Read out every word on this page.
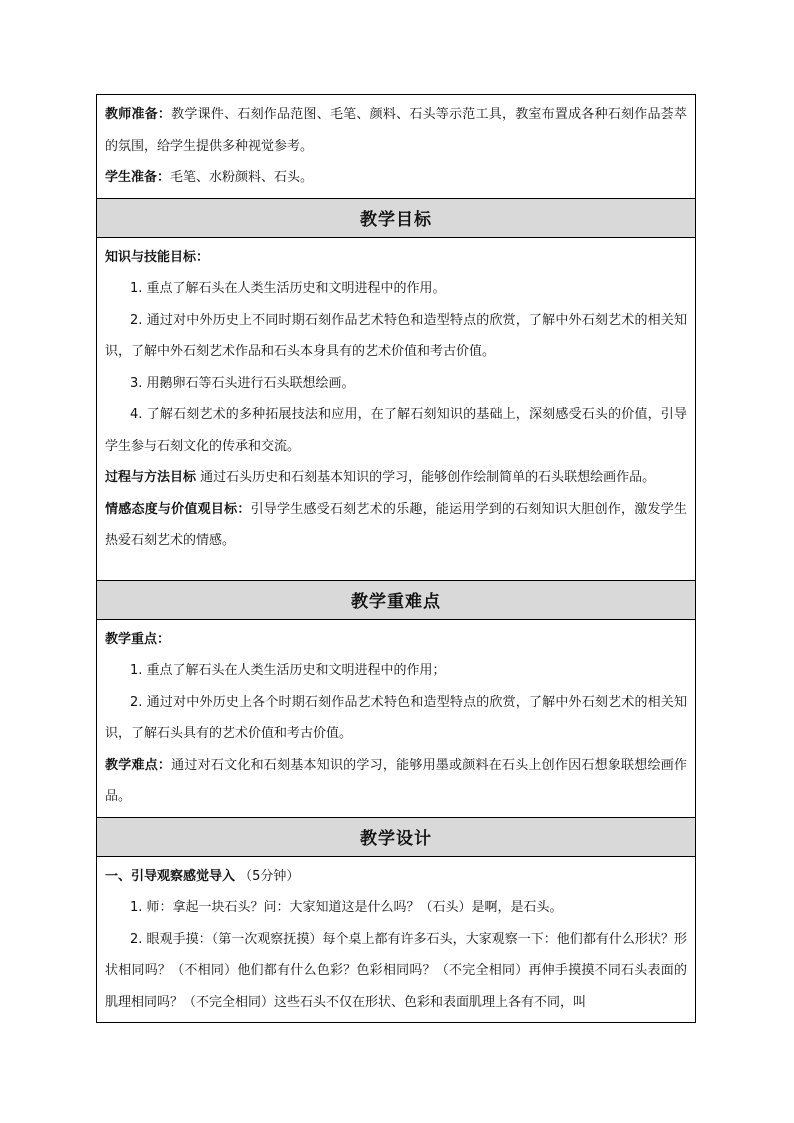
教师准备：教学课件、石刻作品范图、毛笔、颜料、石头等示范工具，教室布置成各种石刻作品荟萃的氛围，给学生提供多种视觉参考。

学生准备：毛笔、水粉颜料、石头。

教学目标

知识与技能目标：

1. 重点了解石头在人类生活历史和文明进程中的作用。

2. 通过对中外历史上不同时期石刻作品艺术特色和造型特点的欣赏，了解中外石刻艺术的相关知识，了解中外石刻艺术作品和石头本身具有的艺术价值和考古价值。

3. 用鹅卵石等石头进行石头联想绘画。

4. 了解石刻艺术的多种拓展技法和应用，在了解石刻知识的基础上，深刻感受石头的价值，引导学生参与石刻文化的传承和交流。

过程与方法目标 通过石头历史和石刻基本知识的学习，能够创作绘制简单的石头联想绘画作品。

情感态度与价值观目标：引导学生感受石刻艺术的乐趣，能运用学到的石刻知识大胆创作，激发学生热爱石刻艺术的情感。

教学重难点

教学重点：

1. 重点了解石头在人类生活历史和文明进程中的作用；

2. 通过对中外历史上各个时期石刻作品艺术特色和造型特点的欣赏，了解中外石刻艺术的相关知识，了解石头具有的艺术价值和考古价值。

教学难点：通过对石文化和石刻基本知识的学习，能够用墨或颜料在石头上创作因石想象联想绘画作品。

教学设计

一、引导观察感觉导入 （5分钟）

1. 师：拿起一块石头？问：大家知道这是什么吗？（石头）是啊，是石头。

2. 眼观手摸：（第一次观察抚摸）每个桌上都有许多石头，大家观察一下：他们都有什么形状？形状相同吗？（不相同）他们都有什么色彩？色彩相同吗？（不完全相同）再伸手摸摸不同石头表面的肌理相同吗？（不完全相同）这些石头不仅在形状、色彩和表面肌理上各有不同，叫
